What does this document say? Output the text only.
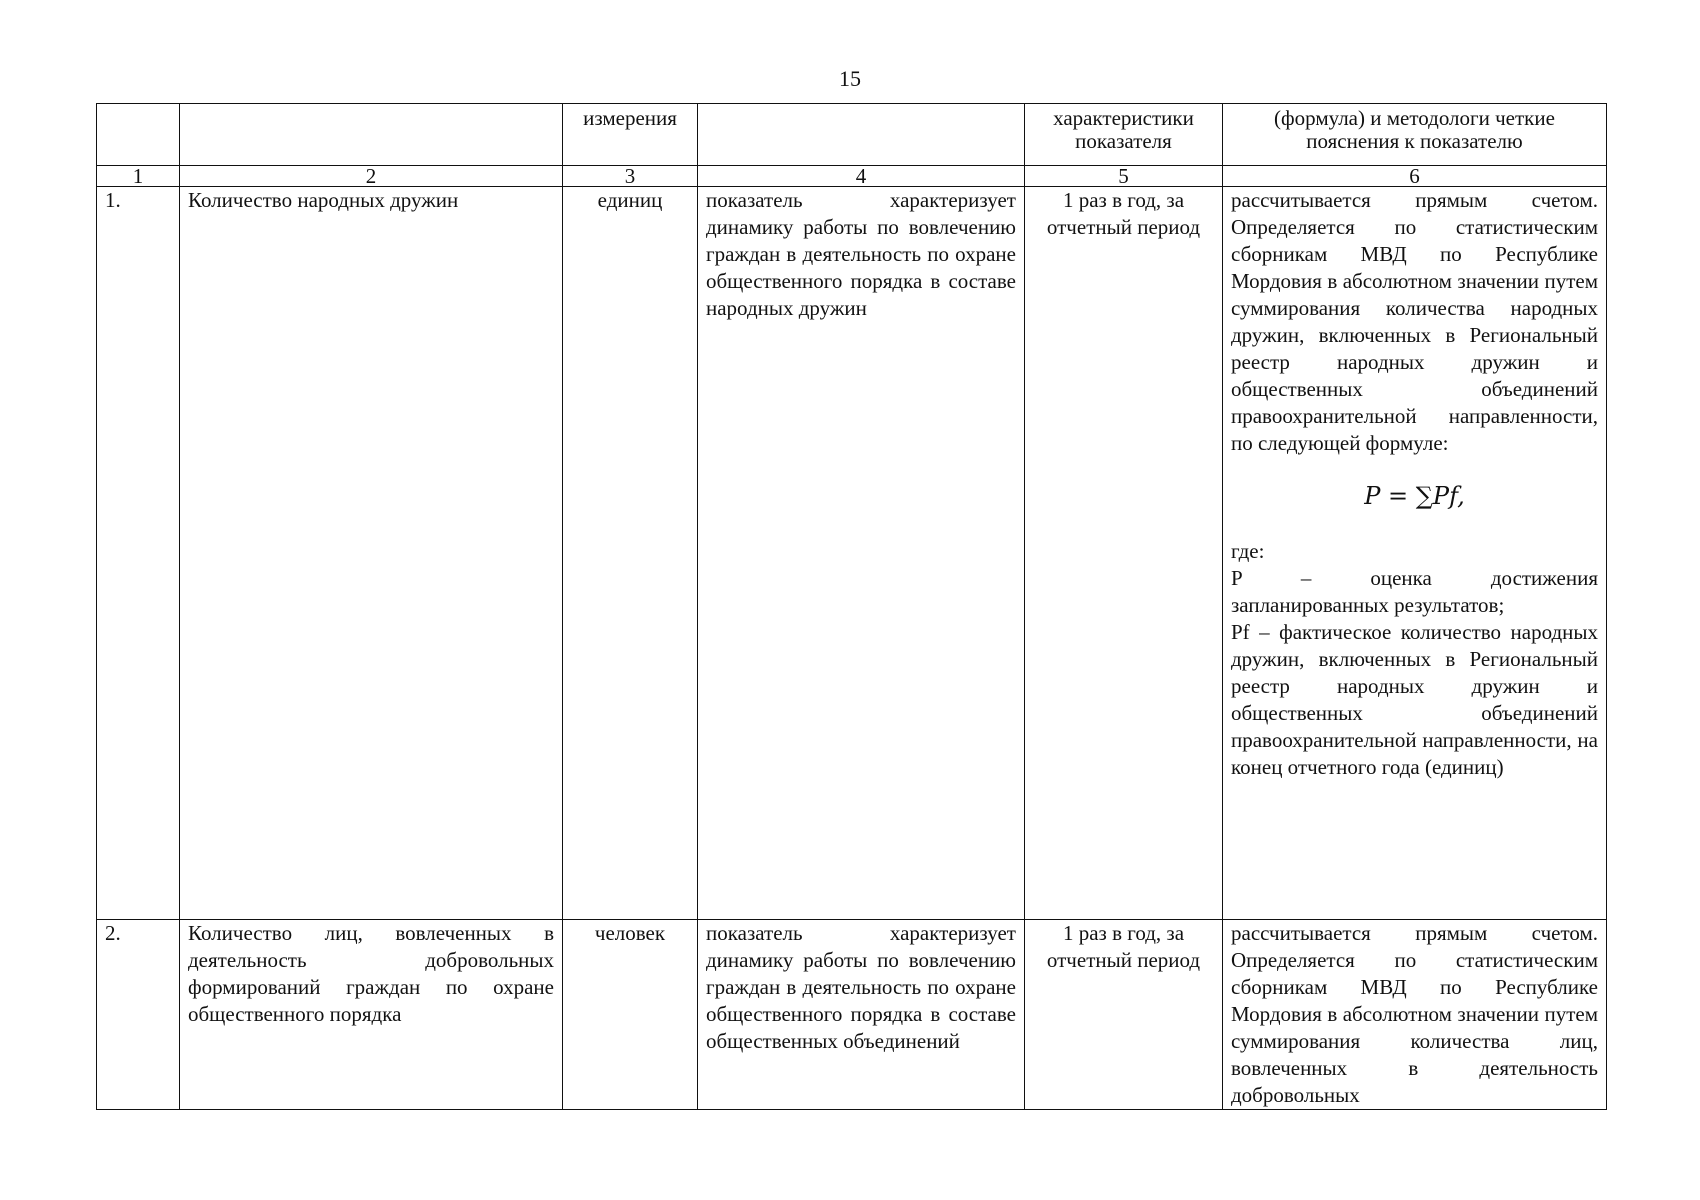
15
		измерения		характеристики показателя	(формула) и методологи четкие пояснения к показателю
1	2	3	4	5	6
1.	Количество народных дружин	единиц	показатель характеризует динамику работы по вовлечению граждан в деятельность по охране общественного порядка в составе народных дружин	1 раз в год, за отчетный период	рассчитывается прямым счетом. Определяется по статистическим сборникам МВД по Республике Мордовия в абсолютном значении путем суммирования количества народных дружин, включенных в Региональный реестр народных дружин и общественных объединений правоохранительной направленности, по следующей формуле:
P = ∑Pf,
где:
P – оценка достижения запланированных результатов;
Pf – фактическое количество народных дружин, включенных в Региональный реестр народных дружин и общественных объединений правоохранительной направленности, на конец отчетного года (единиц)

2.	Количество лиц, вовлеченных в деятельность добровольных формирований граждан по охране общественного порядка	человек	показатель характеризует динамику работы по вовлечению граждан в деятельность по охране общественного порядка в составе общественных объединений	1 раз в год, за отчетный период	рассчитывается прямым счетом. Определяется по статистическим сборникам МВД по Республике Мордовия в абсолютном значении путем суммирования количества лиц, вовлеченных в деятельность добровольных
